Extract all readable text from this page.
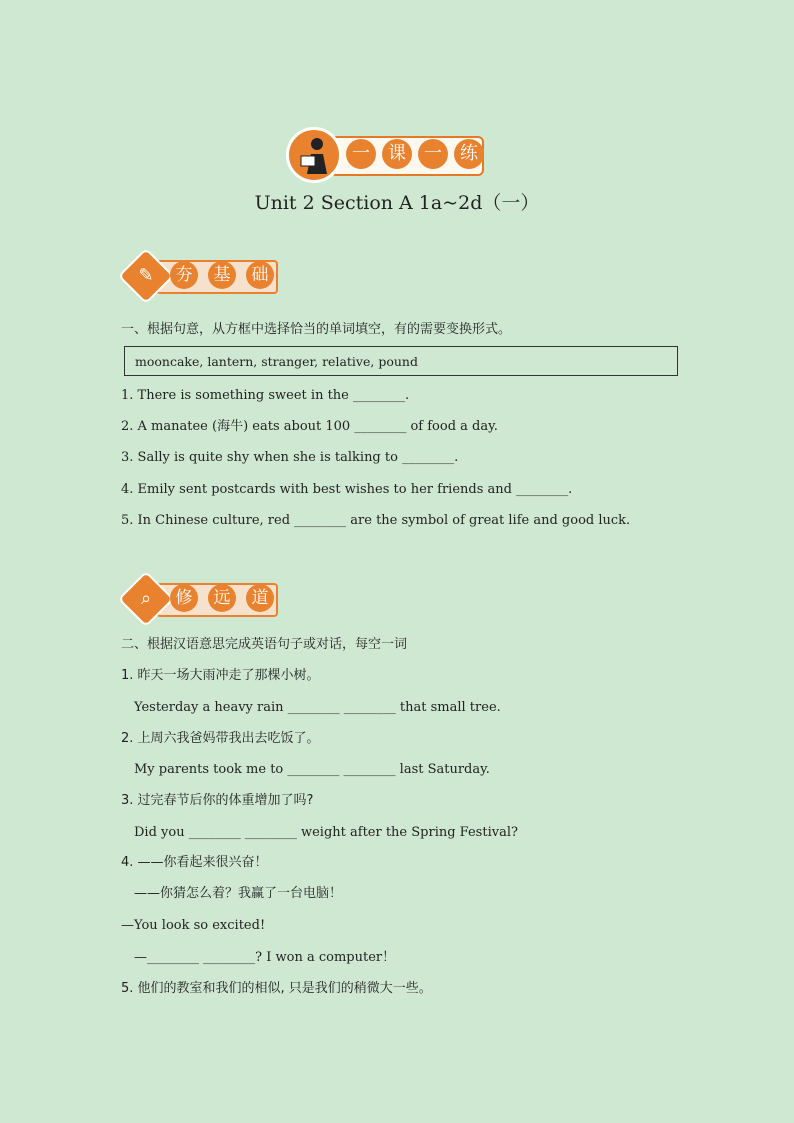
一	课	一	练
Unit 2 Section A 1a~2d（一）
✎	夯	基	础
一、根据句意，从方框中选择恰当的单词填空，有的需要变换形式。
mooncake, lantern, stranger, relative, pound
1. There is something sweet in the ________.
2. A manatee (海牛) eats about 100 ________ of food a day.
3. Sally is quite shy when she is talking to ________.
4. Emily sent postcards with best wishes to her friends and ________.
5. In Chinese culture, red ________ are the symbol of great life and good luck.
⌕	修	远	道
二、根据汉语意思完成英语句子或对话，每空一词
1. 昨天一场大雨冲走了那棵小树。
Yesterday a heavy rain ________ ________ that small tree.
2. 上周六我爸妈带我出去吃饭了。
My parents took me to ________ ________ last Saturday.
3. 过完春节后你的体重增加了吗?
Did you ________ ________ weight after the Spring Festival?
4. ——你看起来很兴奋！
——你猜怎么着？我赢了一台电脑！
—You look so excited!
—________ ________? I won a computer！
5. 他们的教室和我们的相似, 只是我们的稍微大一些。
